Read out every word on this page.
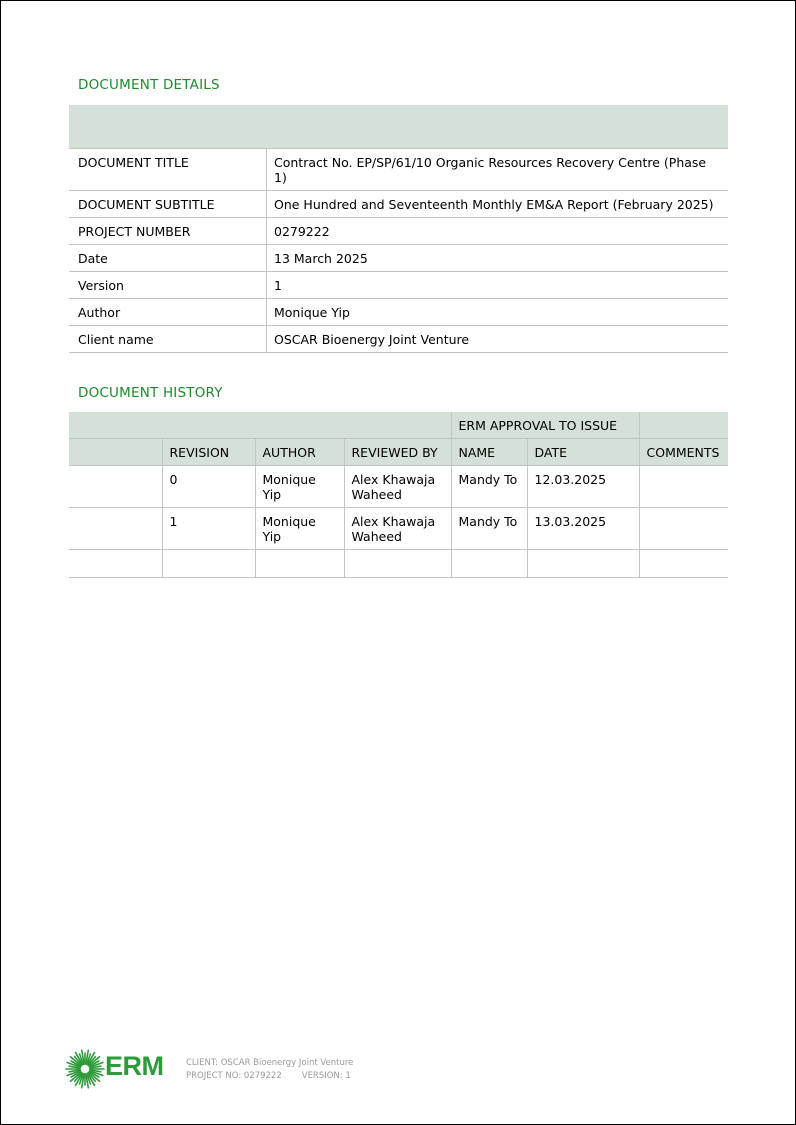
DOCUMENT DETAILS

DOCUMENT TITLE	Contract No. EP/SP/61/10 Organic Resources Recovery Centre (Phase 1)
DOCUMENT SUBTITLE	One Hundred and Seventeenth Monthly EM&A Report (February 2025)
PROJECT NUMBER	0279222
Date	13 March 2025
Version	1
Author	Monique Yip
Client name	OSCAR Bioenergy Joint Venture
DOCUMENT HISTORY
				ERM APPROVAL TO ISSUE		
	REVISION	AUTHOR	REVIEWED BY	NAME	DATE	COMMENTS
	0	Monique Yip	Alex Khawaja Waheed	Mandy To	12.03.2025	
	1	Monique Yip	Alex Khawaja Waheed	Mandy To	13.03.2025	

ERM	CLIENT: OSCAR Bioenergy Joint Venture
PROJECT NO: 0279222 VERSION: 1
